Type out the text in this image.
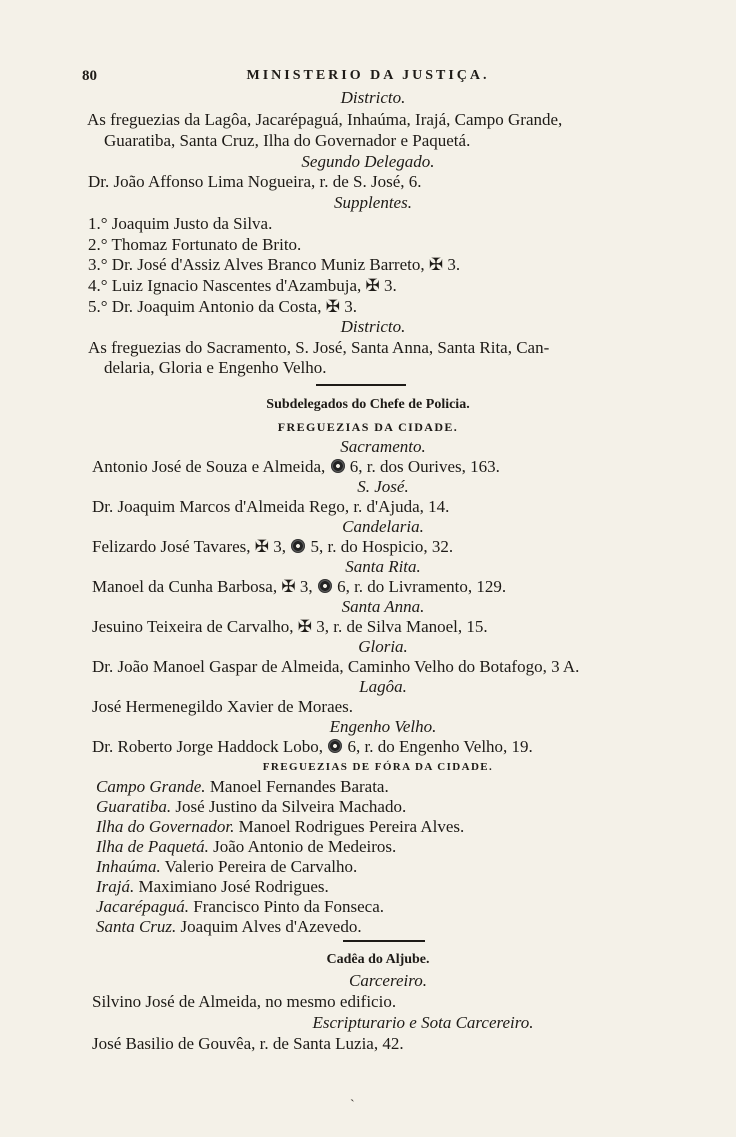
80	MINISTERIO DA JUSTIÇA.
Districto.
As freguezias da Lagôa, Jacarépaguá, Inhaúma, Irajá, Campo Grande,
Guaratiba, Santa Cruz, Ilha do Governador e Paquetá.
Segundo Delegado.
Dr. João Affonso Lima Nogueira, r. de S. José, 6.
Supplentes.
1.° Joaquim Justo da Silva.
2.° Thomaz Fortunato de Brito.
3.° Dr. José d'Assiz Alves Branco Muniz Barreto, ✠ 3.
4.° Luiz Ignacio Nascentes d'Azambuja, ✠ 3.
5.° Dr. Joaquim Antonio da Costa, ✠ 3.
Districto.
As freguezias do Sacramento, S. José, Santa Anna, Santa Rita, Can-
delaria, Gloria e Engenho Velho.
Subdelegados do Chefe de Policia.
FREGUEZIAS DA CIDADE.
Sacramento.
Antonio José de Souza e Almeida, 6, r. dos Ourives, 163.
S. José.
Dr. Joaquim Marcos d'Almeida Rego, r. d'Ajuda, 14.
Candelaria.
Felizardo José Tavares, ✠ 3, 5, r. do Hospicio, 32.
Santa Rita.
Manoel da Cunha Barbosa, ✠ 3, 6, r. do Livramento, 129.
Santa Anna.
Jesuino Teixeira de Carvalho, ✠ 3, r. de Silva Manoel, 15.
Gloria.
Dr. João Manoel Gaspar de Almeida, Caminho Velho do Botafogo, 3 A.
Lagôa.
José Hermenegildo Xavier de Moraes.
Engenho Velho.
Dr. Roberto Jorge Haddock Lobo, 6, r. do Engenho Velho, 19.
FREGUEZIAS DE FÓRA DA CIDADE.
Campo Grande. Manoel Fernandes Barata.
Guaratiba. José Justino da Silveira Machado.
Ilha do Governador. Manoel Rodrigues Pereira Alves.
Ilha de Paquetá. João Antonio de Medeiros.
Inhaúma. Valerio Pereira de Carvalho.
Irajá. Maximiano José Rodrigues.
Jacarépaguá. Francisco Pinto da Fonseca.
Santa Cruz. Joaquim Alves d'Azevedo.
Cadêa do Aljube.
Carcereiro.
Silvino José de Almeida, no mesmo edificio.
Escripturario e Sota Carcereiro.
José Basilio de Gouvêa, r. de Santa Luzia, 42.
`
